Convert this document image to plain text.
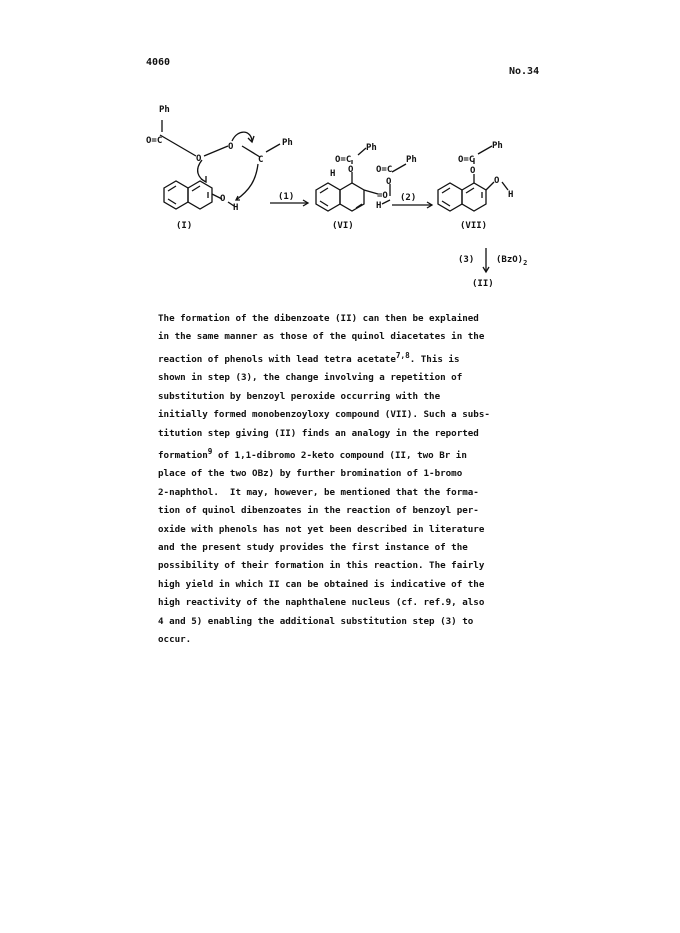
4060
No.34
Ph
O=C
O
O
C
Ph
O
H
(1)
(I)
O=C
Ph
O
H	O=C
Ph
=O
O
H
(2)
(VI)
O=C
Ph
O
O
H
(VII)
(3) $(BzO)_2$
(II)
The formation of the dibenzoate (II) can then be explained
in the same manner as those of the quinol diacetates in the
reaction of phenols with lead tetra acetate$^{7,8}$. This is
shown in step (3), the change involving a repetition of
substitution by benzoyl peroxide occurring with the
initially formed monobenzoyloxy compound (VII). Such a subs-
titution step giving (II) finds an analogy in the reported
formation$^9$ of 1,1-dibromo 2-keto compound (II, two Br in
place of the two OBz) by further bromination of 1-bromo
2-naphthol.  It may, however, be mentioned that the forma-
tion of quinol dibenzoates in the reaction of benzoyl per-
oxide with phenols has not yet been described in literature
and the present study provides the first instance of the
possibility of their formation in this reaction. The fairly
high yield in which II can be obtained is indicative of the
high reactivity of the naphthalene nucleus (cf. ref.9, also
4 and 5) enabling the additional substitution step (3) to
occur.
